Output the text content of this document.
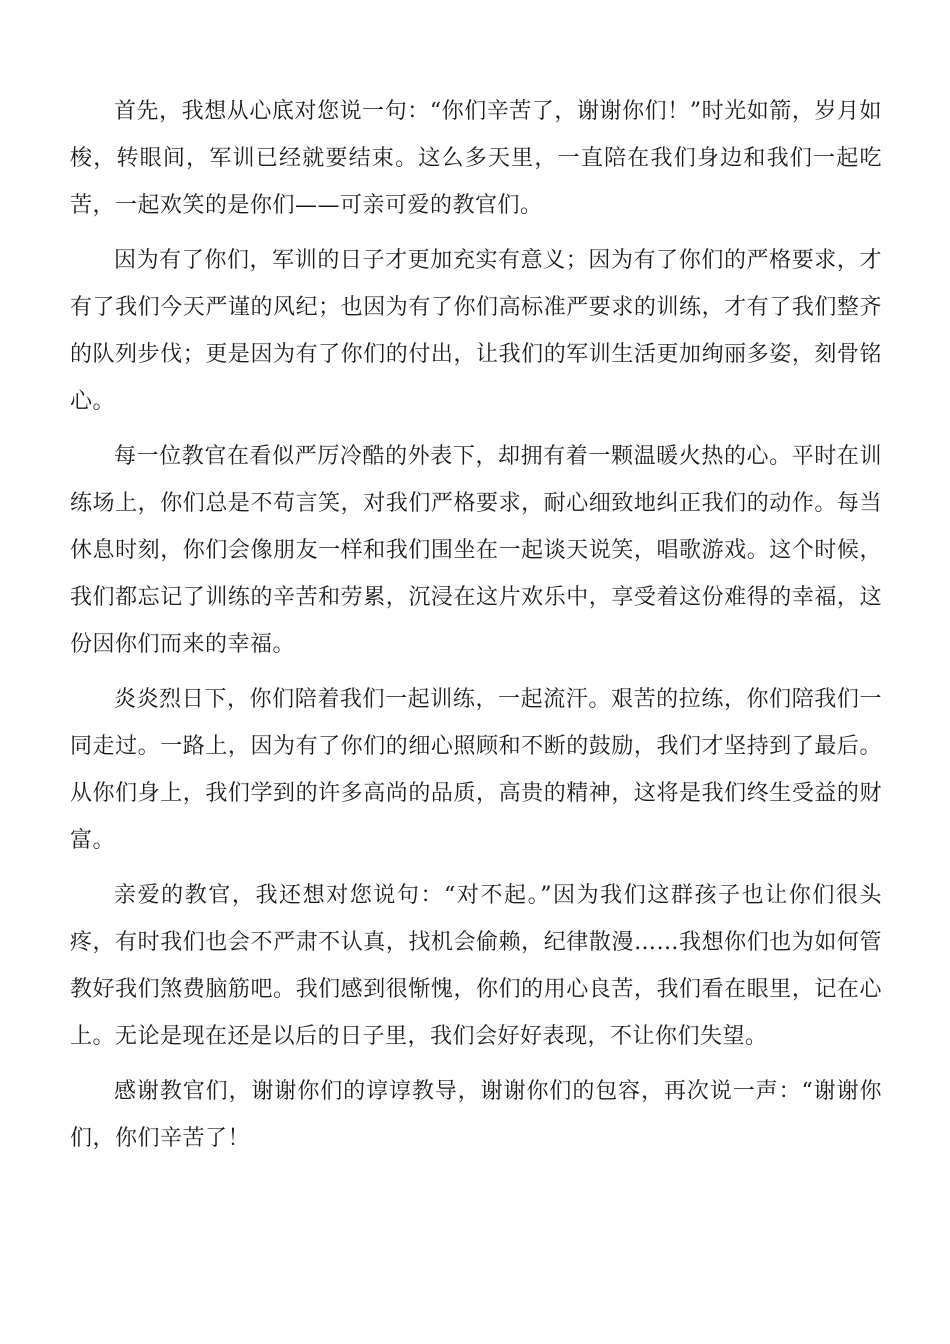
首先，我想从心底对您说一句：“你们辛苦了，谢谢你们！”时光如箭，岁月如梭，转眼间，军训已经就要结束。这么多天里，一直陪在我们身边和我们一起吃苦，一起欢笑的是你们——可亲可爱的教官们。

因为有了你们，军训的日子才更加充实有意义；因为有了你们的严格要求，才有了我们今天严谨的风纪；也因为有了你们高标准严要求的训练，才有了我们整齐的队列步伐；更是因为有了你们的付出，让我们的军训生活更加绚丽多姿，刻骨铭心。

每一位教官在看似严厉冷酷的外表下，却拥有着一颗温暖火热的心。平时在训练场上，你们总是不苟言笑，对我们严格要求，耐心细致地纠正我们的动作。每当休息时刻，你们会像朋友一样和我们围坐在一起谈天说笑，唱歌游戏。这个时候，我们都忘记了训练的辛苦和劳累，沉浸在这片欢乐中，享受着这份难得的幸福，这份因你们而来的幸福。

炎炎烈日下，你们陪着我们一起训练，一起流汗。艰苦的拉练，你们陪我们一同走过。一路上，因为有了你们的细心照顾和不断的鼓励，我们才坚持到了最后。从你们身上，我们学到的许多高尚的品质，高贵的精神，这将是我们终生受益的财富。

亲爱的教官，我还想对您说句：“对不起。”因为我们这群孩子也让你们很头疼，有时我们也会不严肃不认真，找机会偷赖，纪律散漫……我想你们也为如何管教好我们煞费脑筋吧。我们感到很惭愧，你们的用心良苦，我们看在眼里，记在心上。无论是现在还是以后的日子里，我们会好好表现，不让你们失望。

感谢教官们，谢谢你们的谆谆教导，谢谢你们的包容，再次说一声：“谢谢你们，你们辛苦了！
